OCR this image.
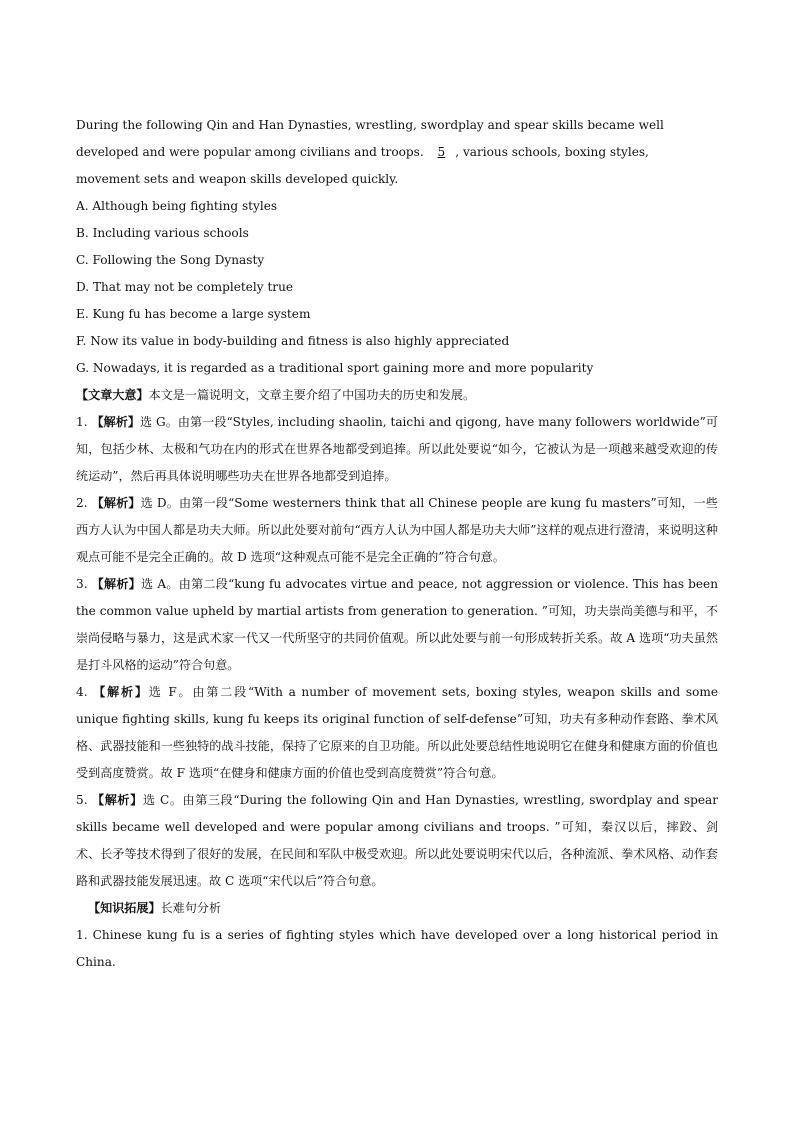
During the following Qin and Han Dynasties, wrestling, swordplay and spear skills became well
developed and were popular among civilians and troops. 5 , various schools, boxing styles,
movement sets and weapon skills developed quickly.
A. Although being fighting styles
B. Including various schools
C. Following the Song Dynasty
D. That may not be completely true
E. Kung fu has become a large system
F. Now its value in body-building and fitness is also highly appreciated
G. Nowadays, it is regarded as a traditional sport gaining more and more popularity

【文章大意】本文是一篇说明文，文章主要介绍了中国功夫的历史和发展。

1. 【解析】选 G。由第一段“Styles, including shaolin, taichi and qigong, have many followers worldwide”可知，包括少林、太极和气功在内的形式在世界各地都受到追捧。所以此处要说“如今，它被认为是一项越来越受欢迎的传统运动”，然后再具体说明哪些功夫在世界各地都受到追捧。

2. 【解析】选 D。由第一段“Some westerners think that all Chinese people are kung fu masters”可知，一些西方人认为中国人都是功夫大师。所以此处要对前句“西方人认为中国人都是功夫大师”这样的观点进行澄清，来说明这种观点可能不是完全正确的。故 D 选项“这种观点可能不是完全正确的”符合句意。

3. 【解析】选 A。由第二段“kung fu advocates virtue and peace, not aggression or violence. This has been the common value upheld by martial artists from generation to generation. ”可知，功夫崇尚美德与和平，不崇尚侵略与暴力，这是武术家一代又一代所坚守的共同价值观。所以此处要与前一句形成转折关系。故 A 选项“功夫虽然是打斗风格的运动”符合句意。

4. 【解析】选 F。由第二段“With a number of movement sets, boxing styles, weapon skills and some unique fighting skills, kung fu keeps its original function of self-defense”可知，功夫有多种动作套路、拳术风格、武器技能和一些独特的战斗技能，保持了它原来的自卫功能。所以此处要总结性地说明它在健身和健康方面的价值也受到高度赞赏。故 F 选项“在健身和健康方面的价值也受到高度赞赏”符合句意。

5. 【解析】选 C。由第三段“During the following Qin and Han Dynasties, wrestling, swordplay and spear skills became well developed and were popular among civilians and troops. ”可知，秦汉以后，摔跤、剑术、长矛等技术得到了很好的发展，在民间和军队中极受欢迎。所以此处要说明宋代以后，各种流派、拳术风格、动作套路和武器技能发展迅速。故 C 选项“宋代以后”符合句意。

【知识拓展】长难句分析

1. Chinese kung fu is a series of fighting styles which have developed over a long historical period in China.
